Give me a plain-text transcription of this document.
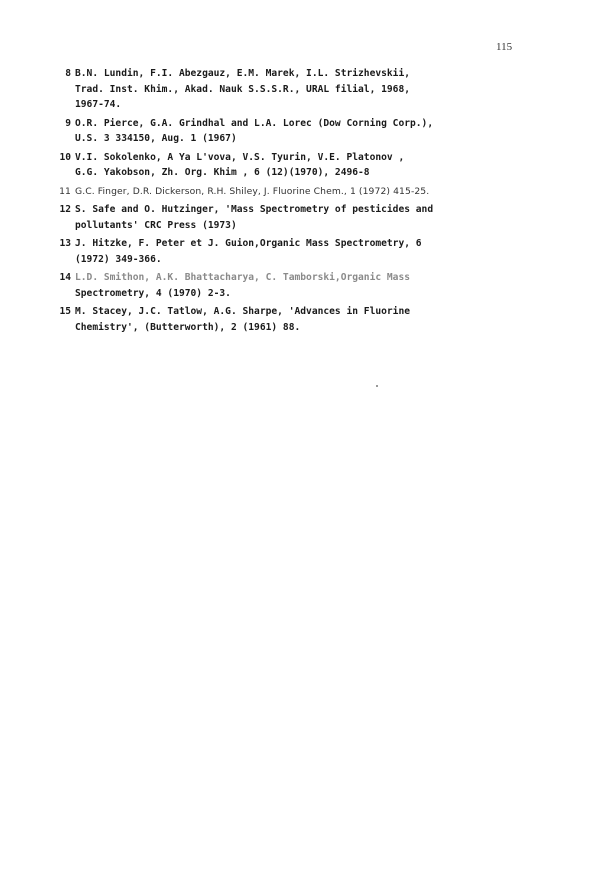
115
8 B.N. Lundin, F.I. Abezgauz, E.M. Marek, I.L. Strizhevskii,
Trad. Inst. Khim., Akad. Nauk S.S.S.R., URAL filial, 1968,
1967-74.
9 O.R. Pierce, G.A. Grindhal and L.A. Lorec (Dow Corning Corp.),
U.S. 3 334150, Aug. 1 (1967)
10 V.I. Sokolenko, A Ya L'vova, V.S. Tyurin, V.E. Platonov ,
G.G. Yakobson, Zh. Org. Khim , 6 (12)(1970), 2496-8
11 G.C. Finger, D.R. Dickerson, R.H. Shiley, J. Fluorine Chem., 1 (1972) 415-25.
12 S. Safe and O. Hutzinger, 'Mass Spectrometry of pesticides and
pollutants' CRC Press (1973)
13 J. Hitzke, F. Peter et J. Guion,Organic Mass Spectrometry, 6
(1972) 349-366.
14 L.D. Smithon, A.K. Bhattacharya, C. Tamborski,Organic Mass
Spectrometry, 4 (1970) 2-3.
15 M. Stacey, J.C. Tatlow, A.G. Sharpe, 'Advances in Fluorine
Chemistry', (Butterworth), 2 (1961) 88.
